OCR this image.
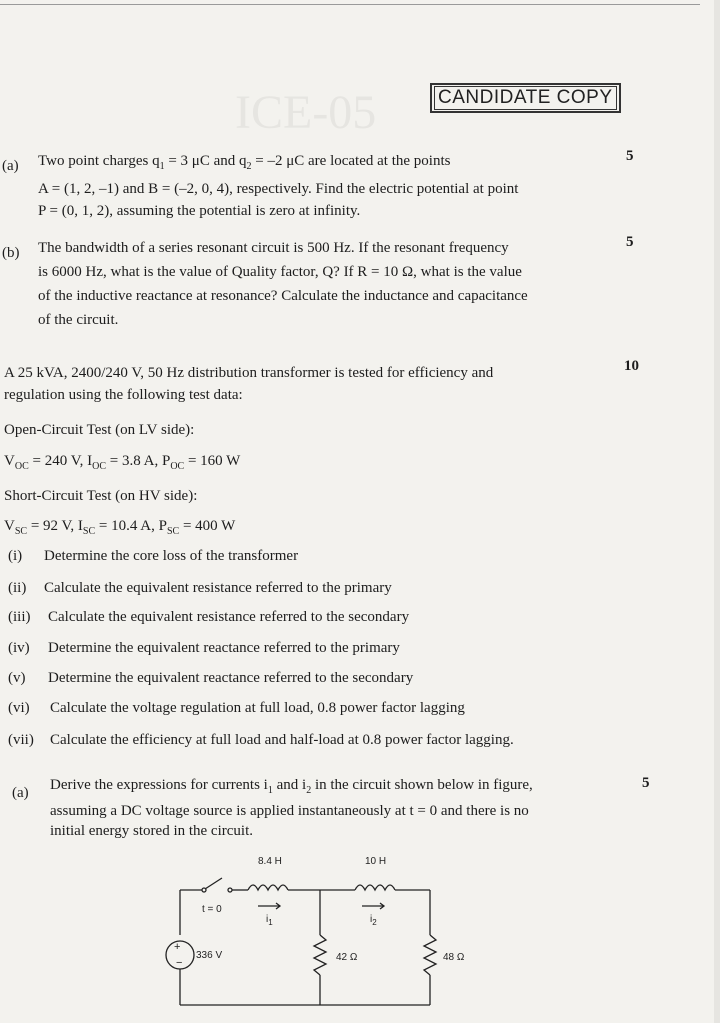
ICE-05	CANDIDATE COPY
(a) Two point charges $q_1 = 3$ μC and $q_2 = -2$ μC are located at the points
A = (1, 2, –1) and B = (–2, 0, 4), respectively. Find the electric potential at point
P = (0, 1, 2), assuming the potential is zero at infinity.
5
(b) The bandwidth of a series resonant circuit is 500 Hz. If the resonant frequency
is 6000 Hz, what is the value of Quality factor, Q? If R = 10 Ω, what is the value
of the inductive reactance at resonance? Calculate the inductance and capacitance
of the circuit.
5
A 25 kVA, 2400/240 V, 50 Hz distribution transformer is tested for efficiency and
regulation using the following test data:
10
Open-Circuit Test (on LV side):
$V_{OC} = 240$ V, $I_{OC} = 3.8$ A, $P_{OC} = 160$ W
Short-Circuit Test (on HV side):
$V_{SC} = 92$ V, $I_{SC} = 10.4$ A, $P_{SC} = 400$ W
(i) Determine the core loss of the transformer
(ii) Calculate the equivalent resistance referred to the primary
(iii) Calculate the equivalent resistance referred to the secondary
(iv) Determine the equivalent reactance referred to the primary
(v) Determine the equivalent reactance referred to the secondary
(vi) Calculate the voltage regulation at full load, 0.8 power factor lagging
(vii) Calculate the efficiency at full load and half-load at 0.8 power factor lagging.
(a) Derive the expressions for currents $i_1$ and $i_2$ in the circuit shown below in figure,
assuming a DC voltage source is applied instantaneously at t = 0 and there is no
initial energy stored in the circuit.
5
+
−
8.4 H	10 H
t = 0
336 V	42 Ω	48 Ω
$i_1$	$i_2$
